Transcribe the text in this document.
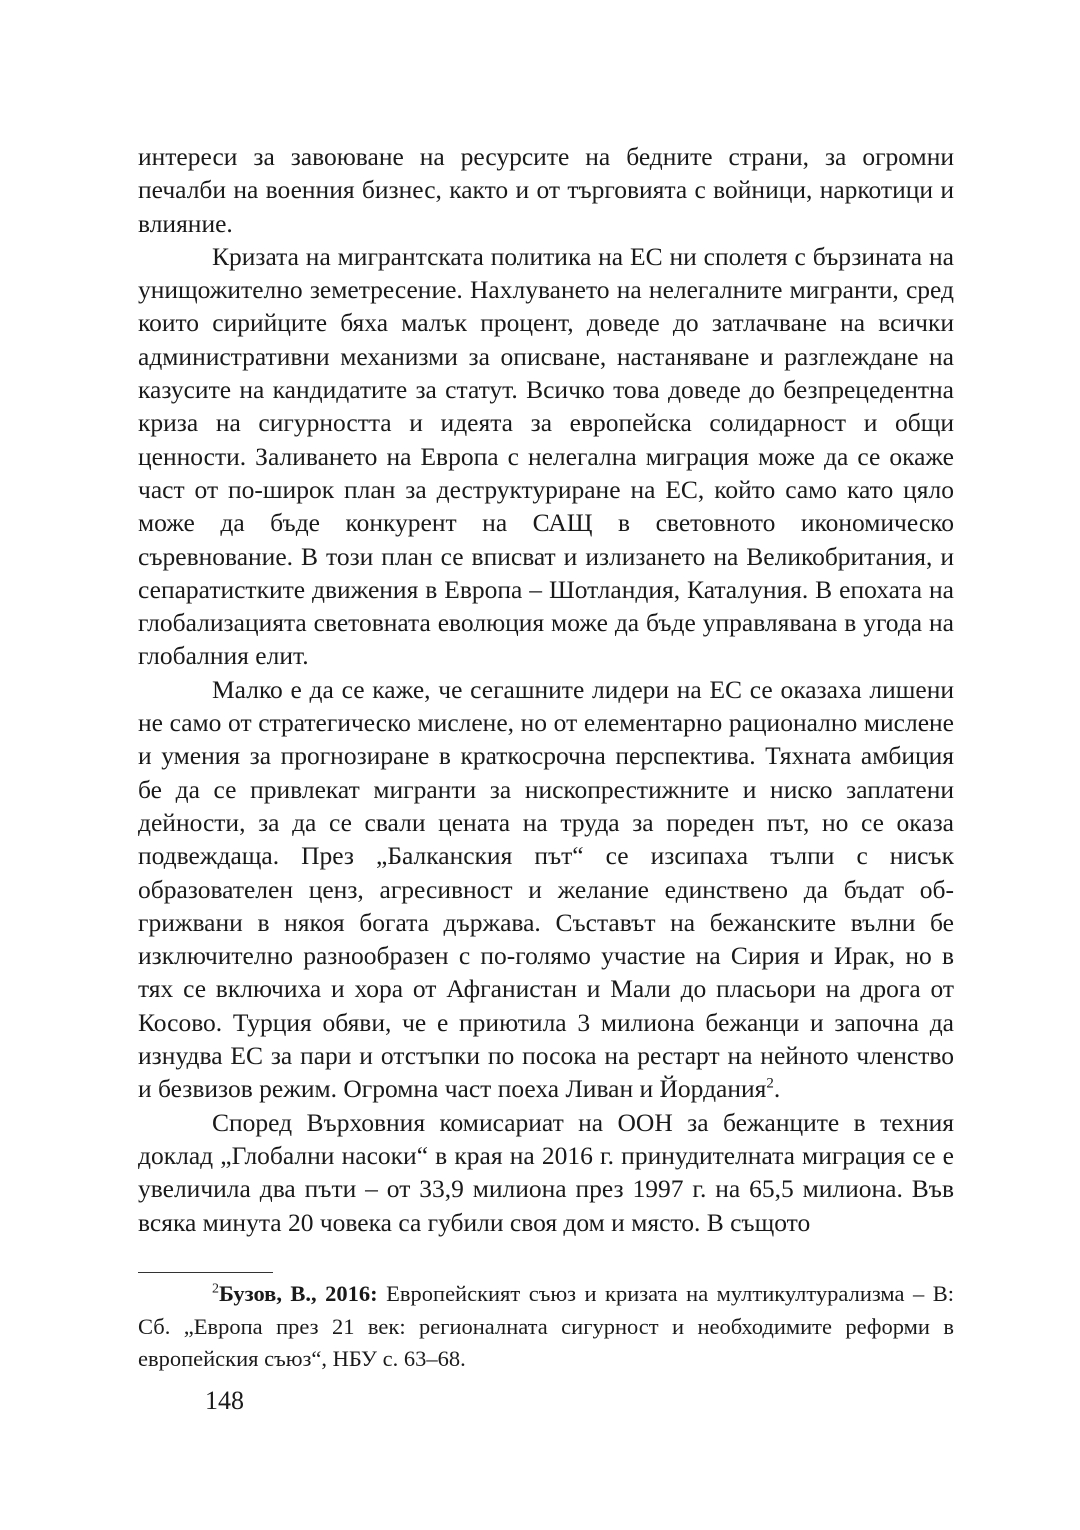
интереси за завоюване на ресурсите на бедните страни, за огромни печалби на военния бизнес, както и от търговията с войници, наркотици и влияние.

Кризата на мигрантската политика на ЕС ни сполетя с бързината на унищожително земетресение. Нахлуването на нелегалните мигранти, сред които сирийците бяха малък процент, доведе до затлачване на всички административни механизми за описване, настаняване и разглеждане на казусите на кандидатите за статут. Всичко това доведе до безпрецедентна криза на сигурността и идеята за европейска солидарност и общи ценности. Заливането на Европа с нелегална миграция може да се окаже част от по-широк план за деструктуриране на ЕС, който само като цяло може да бъде конкурент на САЩ в световното икономическо съревнование. В този план се вписват и излизането на Великобритания, и сепаратистките движения в Европа – Шотландия, Каталуния. В епохата на глобализацията световната еволюция може да бъде управлявана в угода на глобалния елит.

Малко е да се каже, че сегашните лидери на ЕС се оказаха лишени не само от стратегическо мислене, но от елементарно рационално мислене и умения за прогнозиране в краткосрочна перспектива. Тяхната амбиция бе да се привлекат мигранти за нископрестижните и ниско заплатени дейности, за да се свали цената на труда за пореден път, но се оказа подвеждаща. През „Балканския път“ се изсипаха тълпи с нисък образователен ценз, агресивност и желание единствено да бъдат обгрижвани в някоя богата държава. Съставът на бежанските вълни бе изключително разнообразен с по-голямо участие на Сирия и Ирак, но в тях се включиха и хора от Афганистан и Мали до пласьори на дрога от Косово. Турция обяви, че е приютила 3 милиона бежанци и започна да изнудва ЕС за пари и отстъпки по посока на рестарт на нейното членство и безвизов режим. Огромна част поеха Ливан и Йордания$^2$.

Според Върховния комисариат на ООН за бежанците в техния доклад „Глобални насоки“ в края на 2016 г. принудителната миграция се е увеличила два пъти – от 33,9 милиона през 1997 г. на 65,5 милиона. Във всяка минута 20 човека са губили своя дом и място. В същото

$^2$Бузов, В., 2016: Европейският съюз и кризата на мултикултурализма – В: Сб. „Европа през 21 век: регионалната сигурност и необходимите реформи в европейския съюз“, НБУ с. 63–68.

148
